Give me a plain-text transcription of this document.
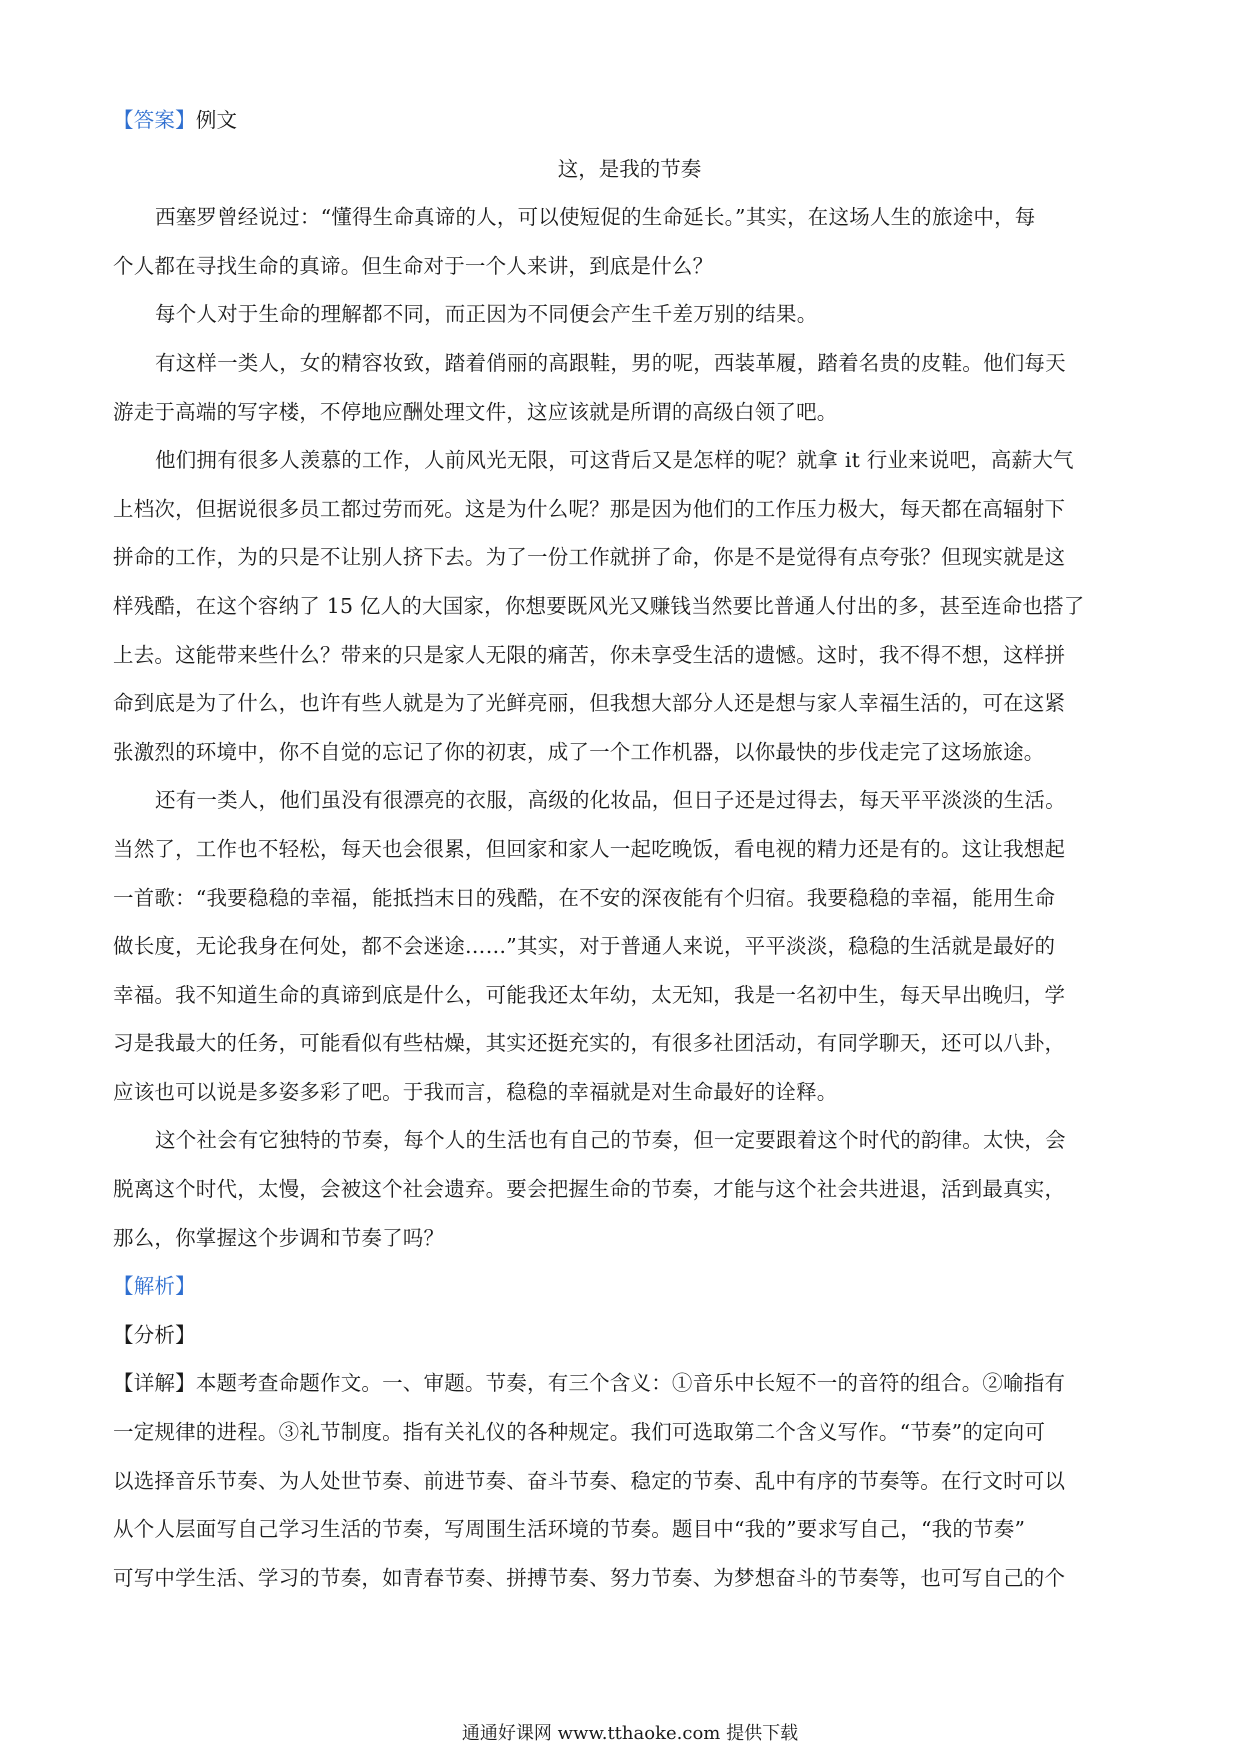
【答案】例文
这，是我的节奏
西塞罗曾经说过：“懂得生命真谛的人，可以使短促的生命延长。”其实，在这场人生的旅途中，每
个人都在寻找生命的真谛。但生命对于一个人来讲，到底是什么？
每个人对于生命的理解都不同，而正因为不同便会产生千差万别的结果。
有这样一类人，女的精容妆致，踏着俏丽的高跟鞋，男的呢，西装革履，踏着名贵的皮鞋。他们每天
游走于高端的写字楼，不停地应酬处理文件，这应该就是所谓的高级白领了吧。
他们拥有很多人羡慕的工作，人前风光无限，可这背后又是怎样的呢？就拿 it 行业来说吧，高薪大气
上档次，但据说很多员工都过劳而死。这是为什么呢？那是因为他们的工作压力极大，每天都在高辐射下
拼命的工作，为的只是不让别人挤下去。为了一份工作就拼了命，你是不是觉得有点夸张？但现实就是这
样残酷，在这个容纳了 15 亿人的大国家，你想要既风光又赚钱当然要比普通人付出的多，甚至连命也搭了
上去。这能带来些什么？带来的只是家人无限的痛苦，你未享受生活的遗憾。这时，我不得不想，这样拼
命到底是为了什么，也许有些人就是为了光鲜亮丽，但我想大部分人还是想与家人幸福生活的，可在这紧
张激烈的环境中，你不自觉的忘记了你的初衷，成了一个工作机器，以你最快的步伐走完了这场旅途。
还有一类人，他们虽没有很漂亮的衣服，高级的化妆品，但日子还是过得去，每天平平淡淡的生活。
当然了，工作也不轻松，每天也会很累，但回家和家人一起吃晚饭，看电视的精力还是有的。这让我想起
一首歌：“我要稳稳的幸福，能抵挡末日的残酷，在不安的深夜能有个归宿。我要稳稳的幸福，能用生命
做长度，无论我身在何处，都不会迷途……”其实，对于普通人来说，平平淡淡，稳稳的生活就是最好的
幸福。我不知道生命的真谛到底是什么，可能我还太年幼，太无知，我是一名初中生，每天早出晚归，学
习是我最大的任务，可能看似有些枯燥，其实还挺充实的，有很多社团活动，有同学聊天，还可以八卦，
应该也可以说是多姿多彩了吧。于我而言，稳稳的幸福就是对生命最好的诠释。
这个社会有它独特的节奏，每个人的生活也有自己的节奏，但一定要跟着这个时代的韵律。太快，会
脱离这个时代，太慢，会被这个社会遗弃。要会把握生命的节奏，才能与这个社会共进退，活到最真实，
那么，你掌握这个步调和节奏了吗？
【解析】
【分析】
【详解】本题考查命题作文。一、审题。节奏，有三个含义：①音乐中长短不一的音符的组合。②喻指有
一定规律的进程。③礼节制度。指有关礼仪的各种规定。我们可选取第二个含义写作。“节奏”的定向可
以选择音乐节奏、为人处世节奏、前进节奏、奋斗节奏、稳定的节奏、乱中有序的节奏等。在行文时可以
从个人层面写自己学习生活的节奏，写周围生活环境的节奏。题目中“我的”要求写自己，“我的节奏”
可写中学生活、学习的节奏，如青春节奏、拼搏节奏、努力节奏、为梦想奋斗的节奏等，也可写自己的个
通通好课网 www.tthaoke.com 提供下载
